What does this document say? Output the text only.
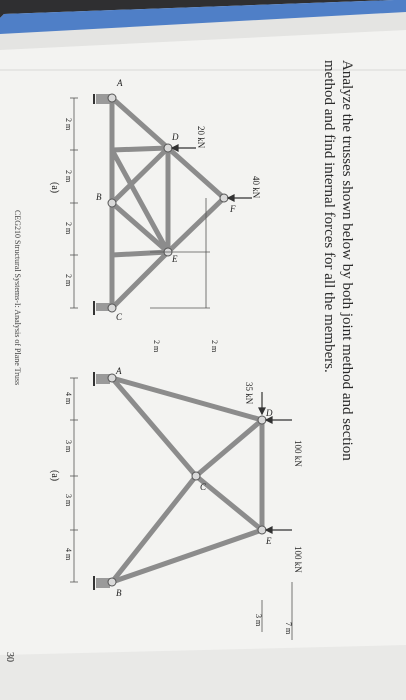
Analyze the trusses shown below by both joint method and section
method and find internal forces for all the members.
30
CEG210 Structural Systems-I: Analysis of Plane Truss
40 kN
20 kN
A
B
C
D
E
F
2 m
2 m
2 m
2 m
2 m
2 m
(a)
100 kN
100 kN
35 kN
A
B
C
D
E
4 m
3 m
3 m
4 m
3 m
7 m
(a)
